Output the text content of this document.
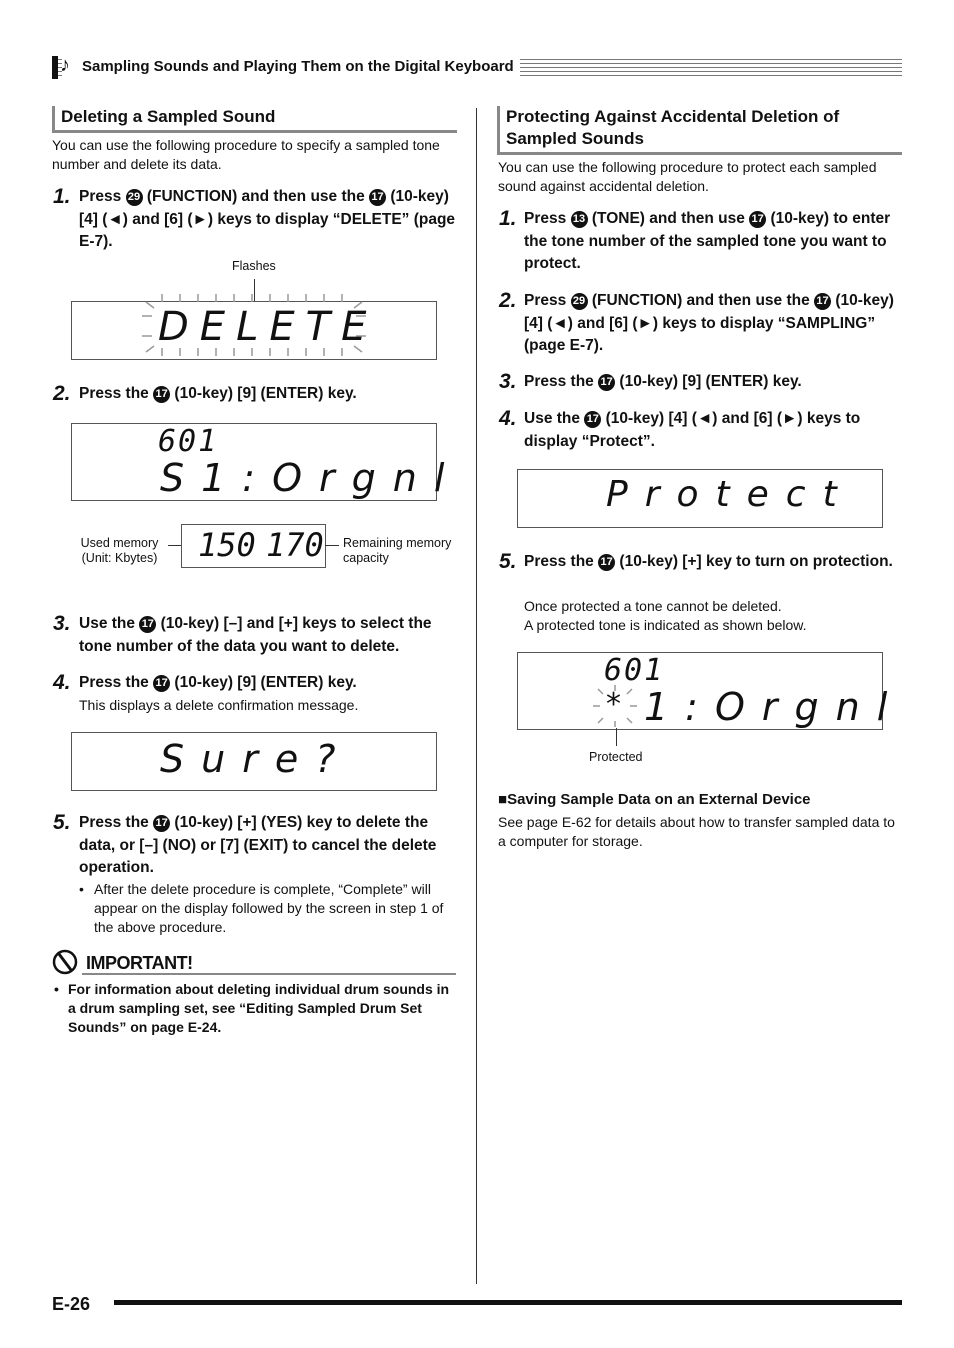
Sampling Sounds and Playing Them on the Digital Keyboard
♪
Deleting a Sampled Sound
You can use the following procedure to specify a sampled tone number and delete its data.
1. Press 29 (FUNCTION) and then use the 17 (10-key) [4] (◄) and [6] (►) keys to display “DELETE” (page E-7).
Flashes
DELETE
2. Press the 17 (10-key) [9] (ENTER) key.
601
S1:Orgnl
Used memory (Unit: Kbytes)	150 170 Remaining memory capacity
3. Use the 17 (10-key) [–] and [+] keys to select the tone number of the data you want to delete.
4. Press the 17 (10-key) [9] (ENTER) key.
This displays a delete confirmation message.
Sure?
5. Press the 17 (10-key) [+] (YES) key to delete the data, or [–] (NO) or [7] (EXIT) to cancel the delete operation.
• After the delete procedure is complete, “Complete” will appear on the display followed by the screen in step 1 of the above procedure.
IMPORTANT!
• For information about deleting individual drum sounds in a drum sampling set, see “Editing Sampled Drum Set Sounds” on page E-24.
Protecting Against Accidental Deletion of Sampled Sounds
You can use the following procedure to protect each sampled sound against accidental deletion.
1. Press 13 (TONE) and then use 17 (10-key) to enter the tone number of the sampled tone you want to protect.
2. Press 29 (FUNCTION) and then use the 17 (10-key) [4] (◄) and [6] (►) keys to display “SAMPLING” (page E-7).
3. Press the 17 (10-key) [9] (ENTER) key.
4. Use the 17 (10-key) [4] (◄) and [6] (►) keys to display “Protect”.
Protect
5. Press the 17 (10-key) [+] key to turn on protection.
Once protected a tone cannot be deleted.
A protected tone is indicated as shown below.
601
* 1:Orgnl
Protected
■Saving Sample Data on an External Device
See page E-62 for details about how to transfer sampled data to a computer for storage.
E-26
